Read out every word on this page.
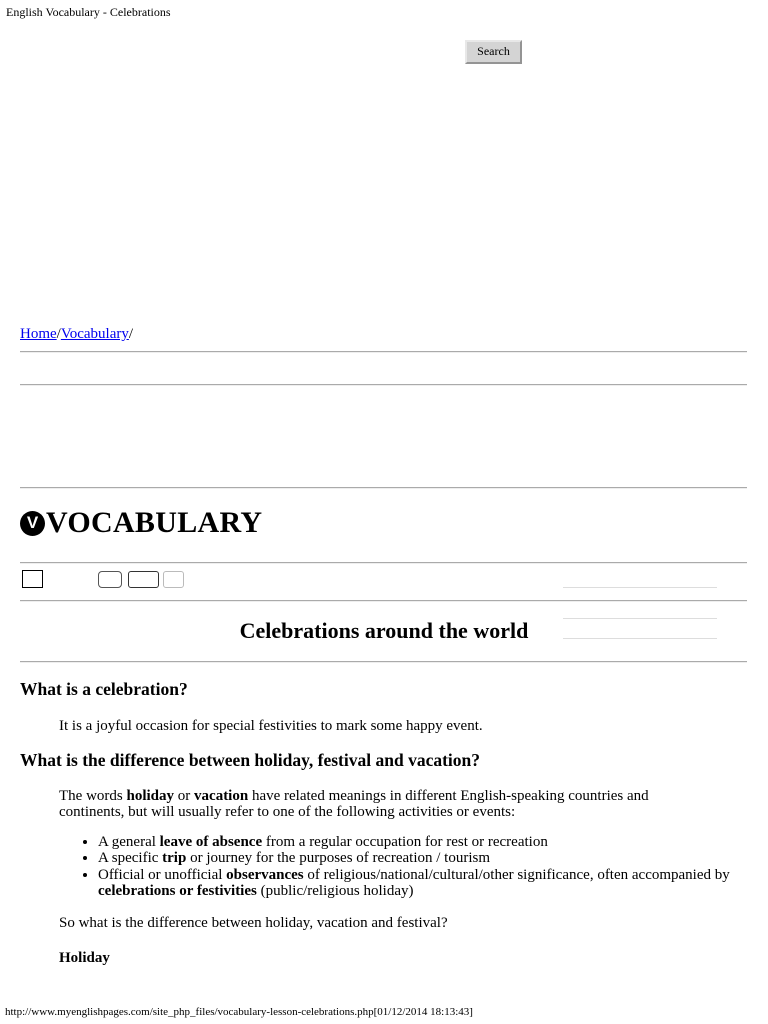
English Vocabulary - Celebrations
Search
Home/Vocabulary/
V VOCABULARY
Celebrations around the world
What is a celebration?

It is a joyful occasion for special festivities to mark some happy event.

What is the difference between holiday, festival and vacation?

The words holiday or vacation have related meanings in different English-speaking countries and continents, but will usually refer to one of the following activities or events:

• A general leave of absence from a regular occupation for rest or recreation
• A specific trip or journey for the purposes of recreation / tourism
• Official or unofficial observances of religious/national/cultural/other significance, often accompanied by celebrations or festivities (public/religious holiday)

So what is the difference between holiday, vacation and festival?

Holiday

http://www.myenglishpages.com/site_php_files/vocabulary-lesson-celebrations.php[01/12/2014 18:13:43]
